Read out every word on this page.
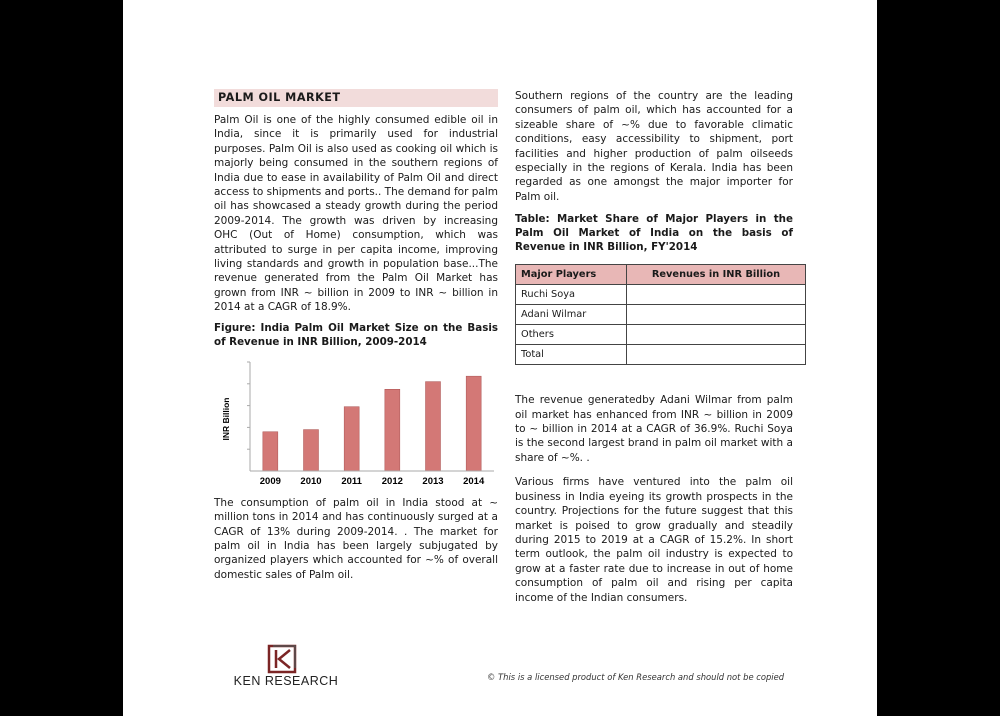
PALM OIL MARKET

Palm Oil is one of the highly consumed edible oil in India, since it is primarily used for industrial purposes. Palm Oil is also used as cooking oil which is majorly being consumed in the southern regions of India due to ease in availability of Palm Oil and direct access to shipments and ports.. The demand for palm oil has showcased a steady growth during the period 2009-2014. The growth was driven by increasing OHC (Out of Home) consumption, which was attributed to surge in per capita income, improving living standards and growth in population base...The revenue generated from the Palm Oil Market has grown from INR ~ billion in 2009 to INR ~ billion in 2014 at a CAGR of 18.9%.

Figure: India Palm Oil Market Size on the Basis of Revenue in INR Billion, 2009-2014
2009 2010 2011 2012 2013 2014
INR Billion

The consumption of palm oil in India stood at ~ million tons in 2014 and has continuously surged at a CAGR of 13% during 2009-2014. . The market for palm oil in India has been largely subjugated by organized players which accounted for ~% of overall domestic sales of Palm oil.

Southern regions of the country are the leading consumers of palm oil, which has accounted for a sizeable share of ~% due to favorable climatic conditions, easy accessibility to shipment, port facilities and higher production of palm oilseeds especially in the regions of Kerala. India has been regarded as one amongst the major importer for Palm oil.

Table: Market Share of Major Players in the Palm Oil Market of India on the basis of Revenue in INR Billion, FY'2014
Major Players	Revenues in INR Billion
Ruchi Soya	
Adani Wilmar	
Others	
Total	

The revenue generatedby Adani Wilmar from palm oil market has enhanced from INR ~ billion in 2009 to ~ billion in 2014 at a CAGR of 36.9%. Ruchi Soya is the second largest brand in palm oil market with a share of ~%. .

Various firms have ventured into the palm oil business in India eyeing its growth prospects in the country. Projections for the future suggest that this market is poised to grow gradually and steadily during 2015 to 2019 at a CAGR of 15.2%. In short term outlook, the palm oil industry is expected to grow at a faster rate due to increase in out of home consumption of palm oil and rising per capita income of the Indian consumers.

KEN RESEARCH	© This is a licensed product of Ken Research and should not be copied
